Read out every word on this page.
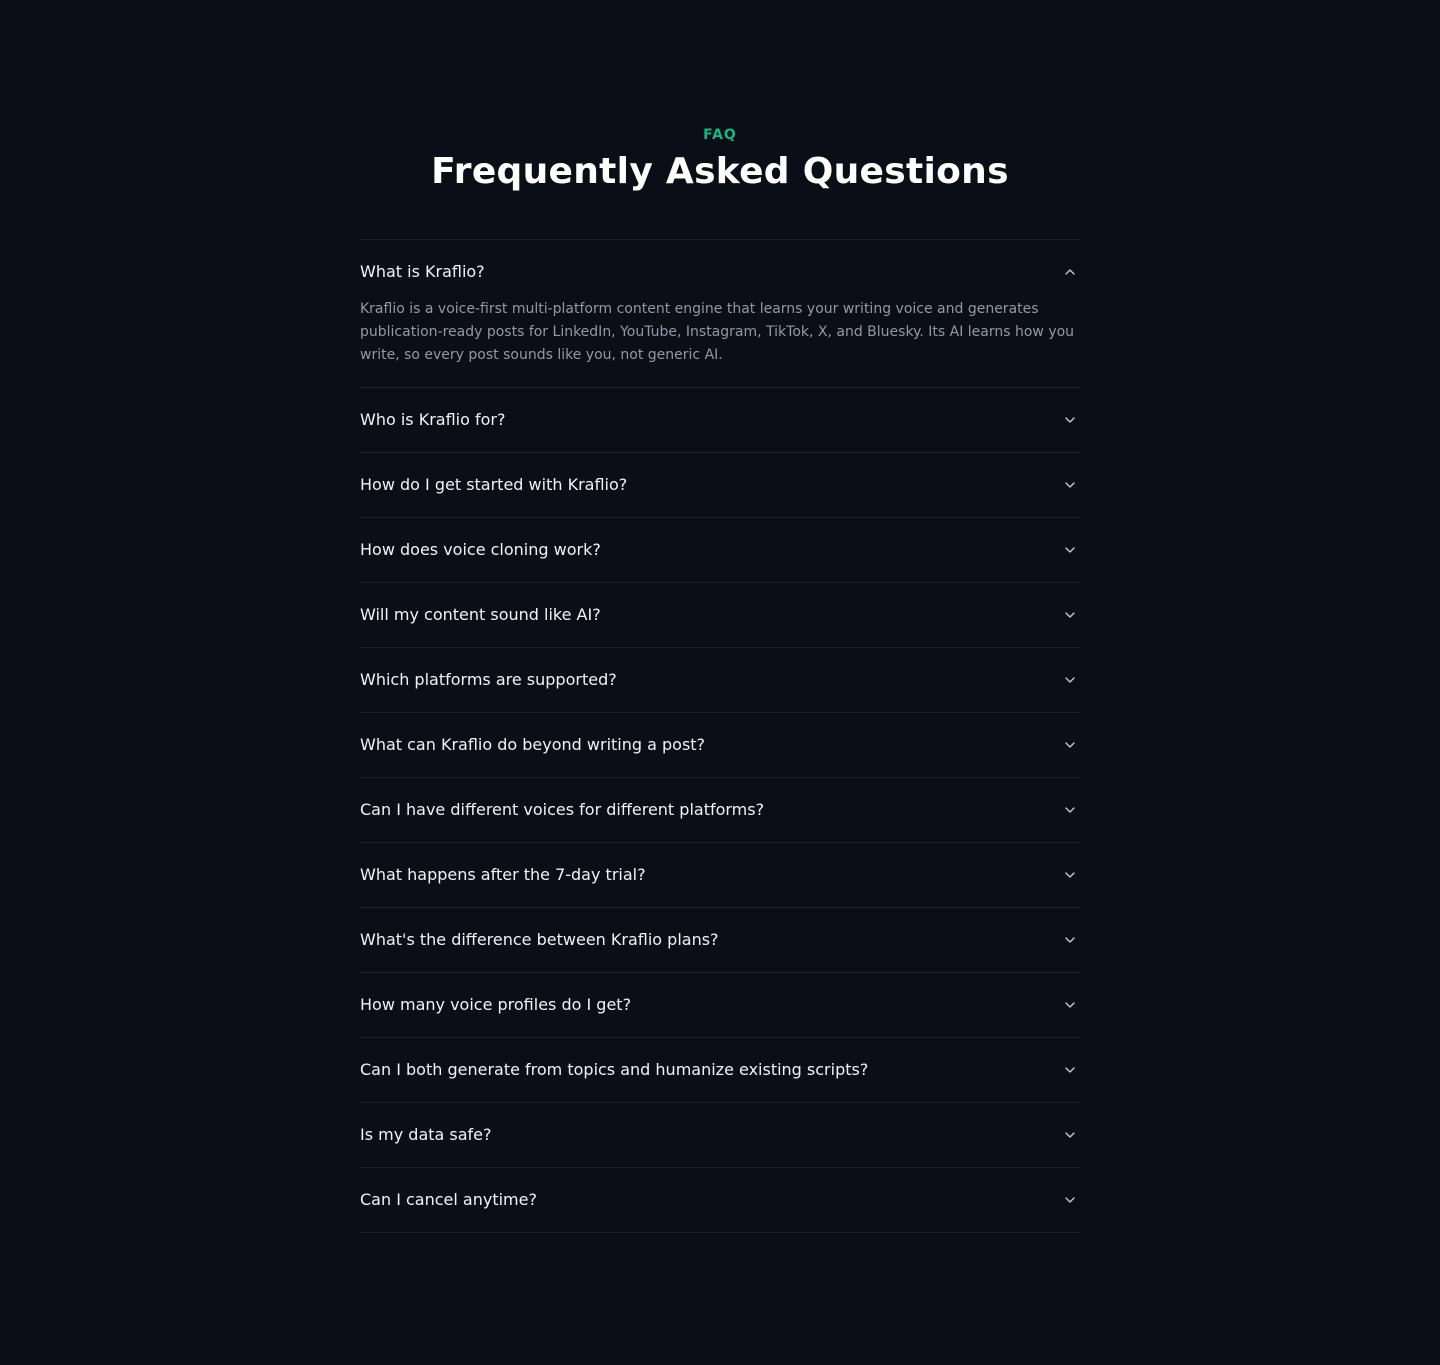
FAQ

Frequently Asked Questions
What is Kraflio?
Kraflio is a voice-first multi-platform content engine that learns your writing voice and generates publication-ready posts for LinkedIn, YouTube, Instagram, TikTok, X, and Bluesky. Its AI learns how you write, so every post sounds like you, not generic AI.
Who is Kraflio for?
How do I get started with Kraflio?
How does voice cloning work?
Will my content sound like AI?
Which platforms are supported?
What can Kraflio do beyond writing a post?
Can I have different voices for different platforms?
What happens after the 7-day trial?
What's the difference between Kraflio plans?
How many voice profiles do I get?
Can I both generate from topics and humanize existing scripts?
Is my data safe?
Can I cancel anytime?
